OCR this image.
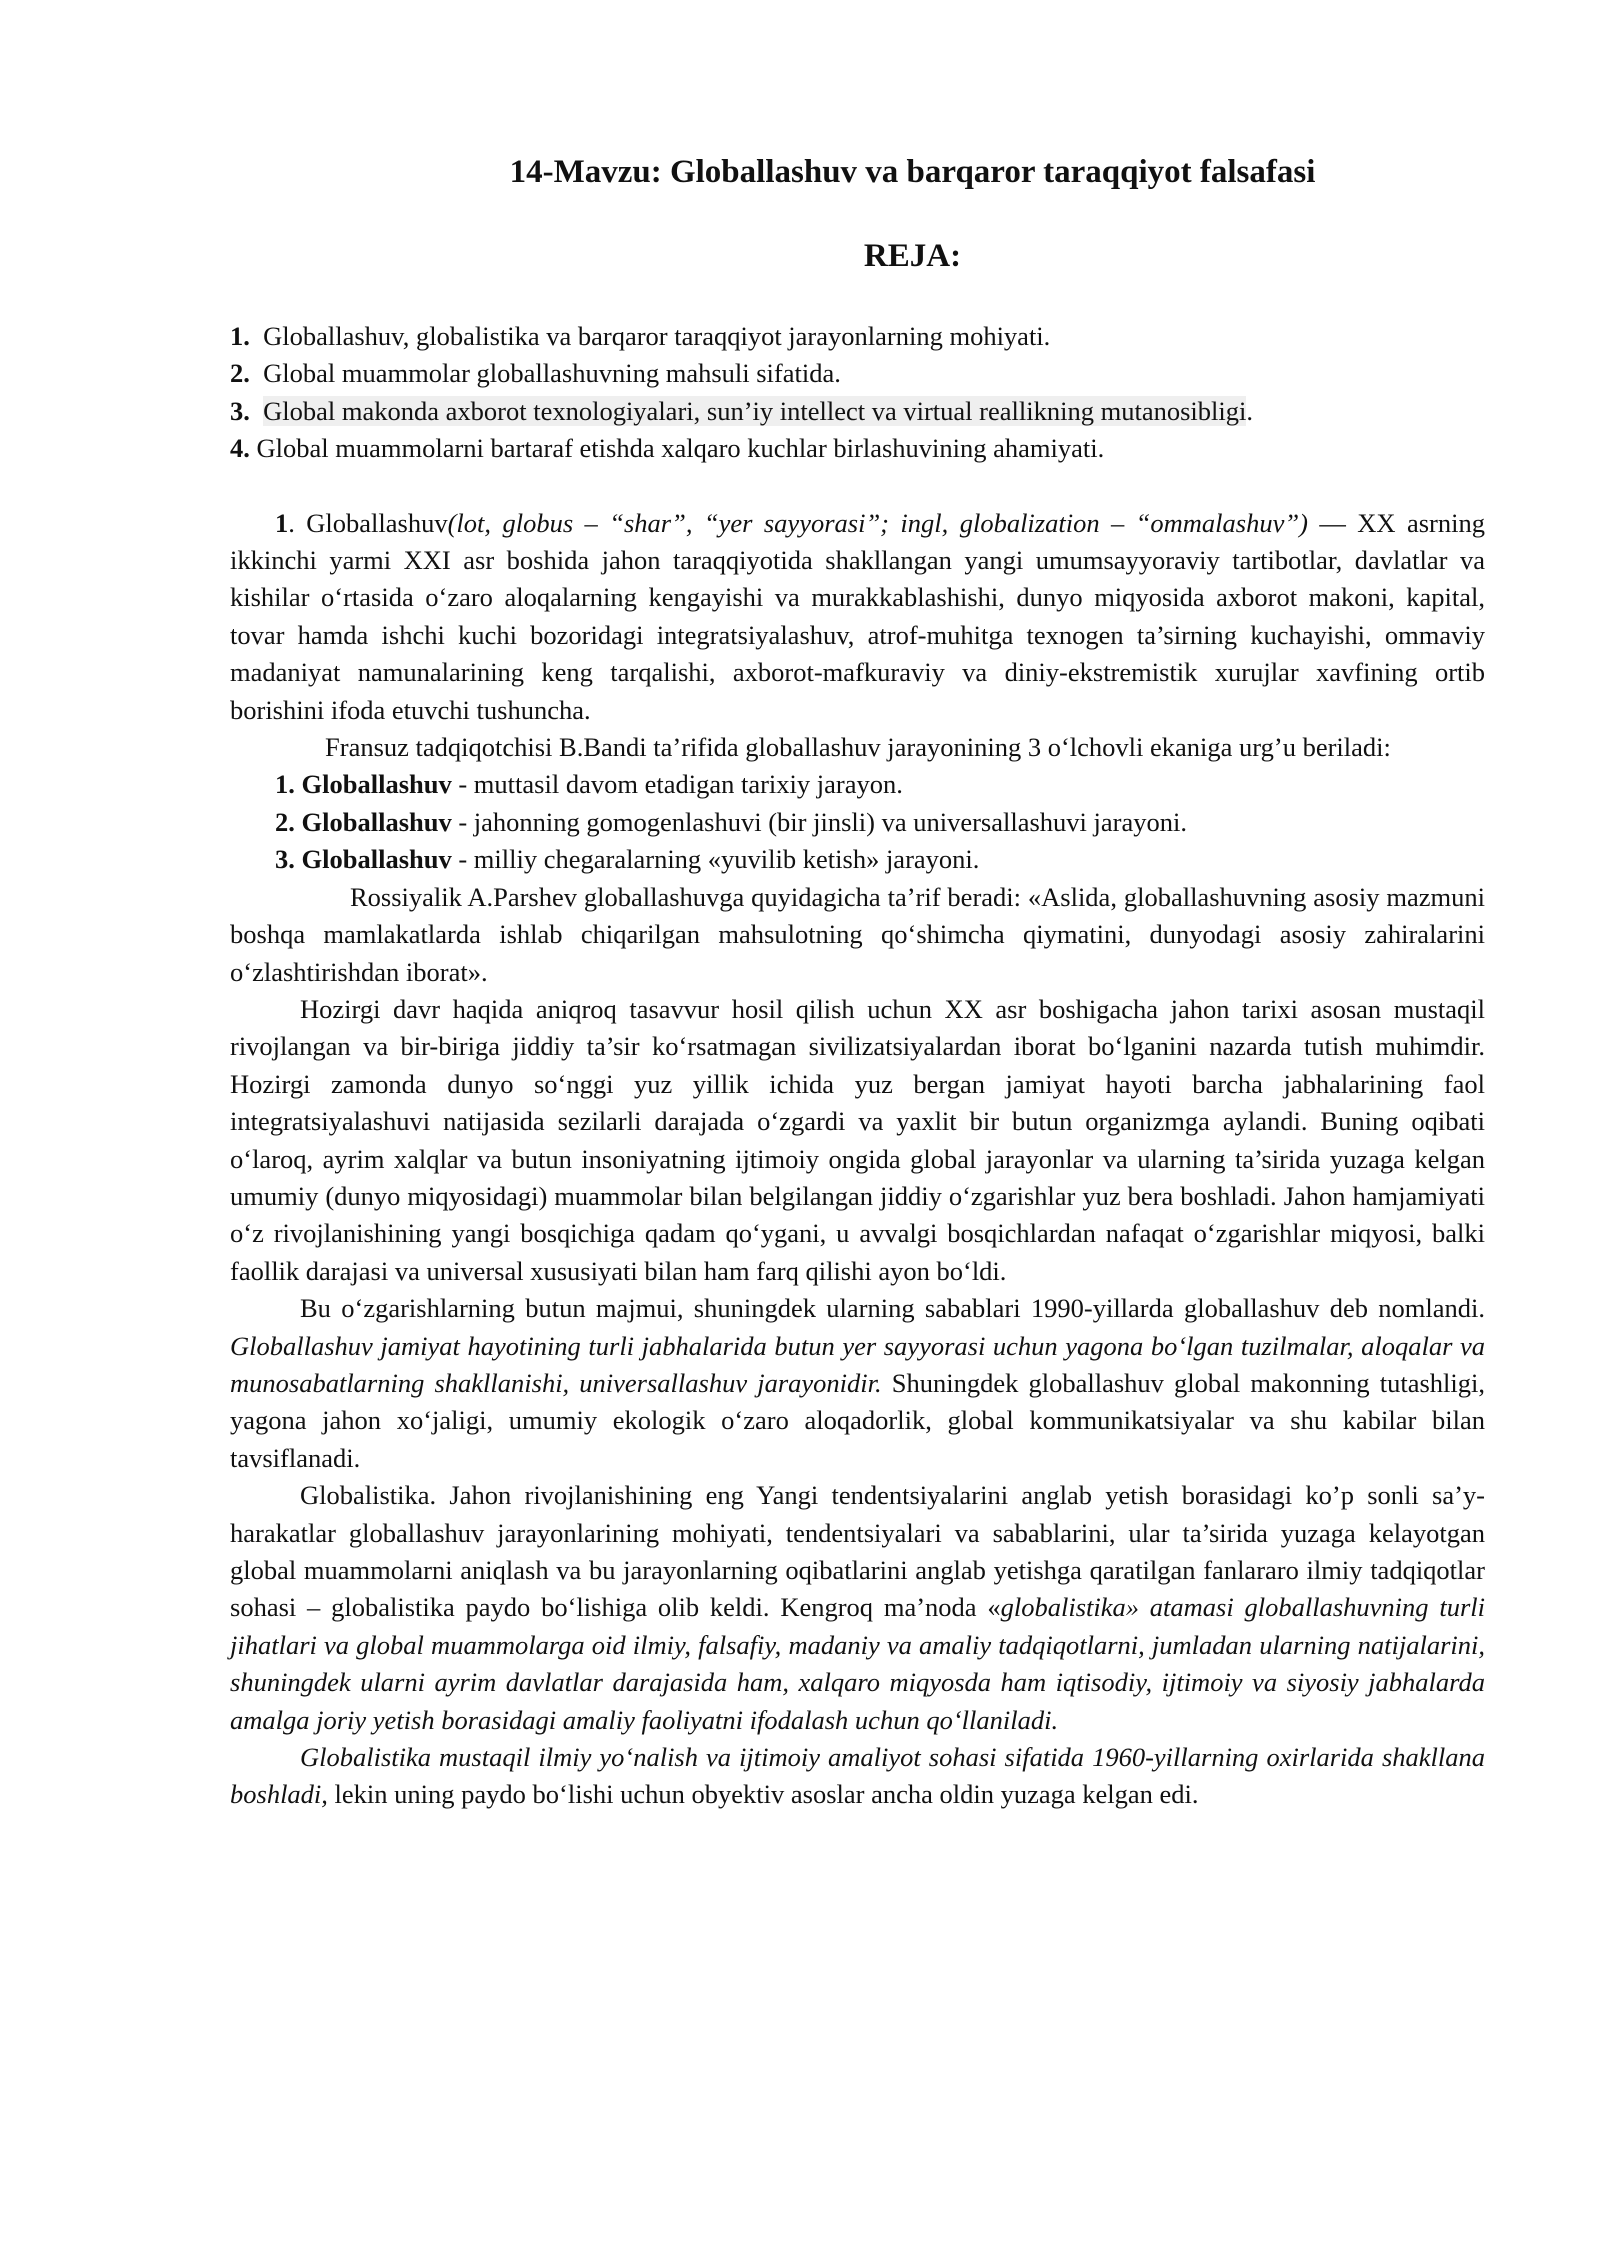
14-Mavzu: Globallashuv va barqaror taraqqiyot falsafasi
REJA:
1. Globallashuv, globalistika va barqaror taraqqiyot jarayonlarning mohiyati.
2. Global muammolar globallashuvning mahsuli sifatida.
3. Global makonda axborot texnologiyalari, sun’iy intellect va virtual reallikning mutanosibligi.
4. Global muammolarni bartaraf etishda xalqaro kuchlar birlashuvining ahamiyati.

1. Globallashuv(lot, globus – “shar”, “yer sayyorasi”; ingl, globalization – “ommalashuv”) — XX asrning ikkinchi yarmi XXI asr boshida jahon taraqqiyotida shakllangan yangi umumsayyoraviy tartibotlar, davlatlar va kishilar o‘rtasida o‘zaro aloqalarning kengayishi va murakkablashishi, dunyo miqyosida axborot makoni, kapital, tovar hamda ishchi kuchi bozoridagi integratsiyalashuv, atrof-muhitga texnogen ta’sirning kuchayishi, ommaviy madaniyat namunalarining keng tarqalishi, axborot-mafkuraviy va diniy-ekstremistik xurujlar xavfining ortib borishini ifoda etuvchi tushuncha.

Fransuz tadqiqotchisi B.Bandi ta’rifida globallashuv jarayonining 3 o‘lchovli ekaniga urg’u beriladi:

1. Globallashuv - muttasil davom etadigan tarixiy jarayon.
2. Globallashuv - jahonning gomogenlashuvi (bir jinsli) va universallashuvi jarayoni.
3. Globallashuv - milliy chegaralarning «yuvilib ketish» jarayoni.

Rossiyalik A.Parshev globallashuvga quyidagicha ta’rif beradi: «Aslida, globallashuvning asosiy mazmuni boshqa mamlakatlarda ishlab chiqarilgan mahsulotning qo‘shimcha qiymatini, dunyodagi asosiy zahiralarini o‘zlashtirishdan iborat».

Hozirgi davr haqida aniqroq tasavvur hosil qilish uchun XX asr boshigacha jahon tarixi asosan mustaqil rivojlangan va bir-biriga jiddiy ta’sir ko‘rsatmagan sivilizatsiyalardan iborat bo‘lganini nazarda tutish muhimdir. Hozirgi zamonda dunyo so‘nggi yuz yillik ichida yuz bergan jamiyat hayoti barcha jabhalarining faol integratsiyalashuvi natijasida sezilarli darajada o‘zgardi va yaxlit bir butun organizmga aylandi. Buning oqibati o‘laroq, ayrim xalqlar va butun insoniyatning ijtimoiy ongida global jarayonlar va ularning ta’sirida yuzaga kelgan umumiy (dunyo miqyosidagi) muammolar bilan belgilangan jiddiy o‘zgarishlar yuz bera boshladi. Jahon hamjamiyati o‘z rivojlanishining yangi bosqichiga qadam qo‘ygani, u avvalgi bosqichlardan nafaqat o‘zgarishlar miqyosi, balki faollik darajasi va universal xususiyati bilan ham farq qilishi ayon bo‘ldi.

Bu o‘zgarishlarning butun majmui, shuningdek ularning sabablari 1990-yillarda globallashuv deb nomlandi. Globallashuv jamiyat hayotining turli jabhalarida butun yer sayyorasi uchun yagona bo‘lgan tuzilmalar, aloqalar va munosabatlarning shakllanishi, universallashuv jarayonidir. Shuningdek globallashuv global makonning tutashligi, yagona jahon xo‘jaligi, umumiy ekologik o‘zaro aloqadorlik, global kommunikatsiyalar va shu kabilar bilan tavsiflanadi.

Globalistika. Jahon rivojlanishining eng Yangi tendentsiyalarini anglab yetish borasidagi ko’p sonli sa’y-harakatlar globallashuv jarayonlarining mohiyati, tendentsiyalari va sabablarini, ular ta’sirida yuzaga kelayotgan global muammolarni aniqlash va bu jarayonlarning oqibatlarini anglab yetishga qaratilgan fanlararo ilmiy tadqiqotlar sohasi – globalistika paydo bo‘lishiga olib keldi. Kengroq ma’noda «globalistika» atamasi globallashuvning turli jihatlari va global muammolarga oid ilmiy, falsafiy, madaniy va amaliy tadqiqotlarni, jumladan ularning natijalarini, shuningdek ularni ayrim davlatlar darajasida ham, xalqaro miqyosda ham iqtisodiy, ijtimoiy va siyosiy jabhalarda amalga joriy yetish borasidagi amaliy faoliyatni ifodalash uchun qo‘llaniladi.

Globalistika mustaqil ilmiy yo‘nalish va ijtimoiy amaliyot sohasi sifatida 1960-yillarning oxirlarida shakllana boshladi, lekin uning paydo bo‘lishi uchun obyektiv asoslar ancha oldin yuzaga kelgan edi.
